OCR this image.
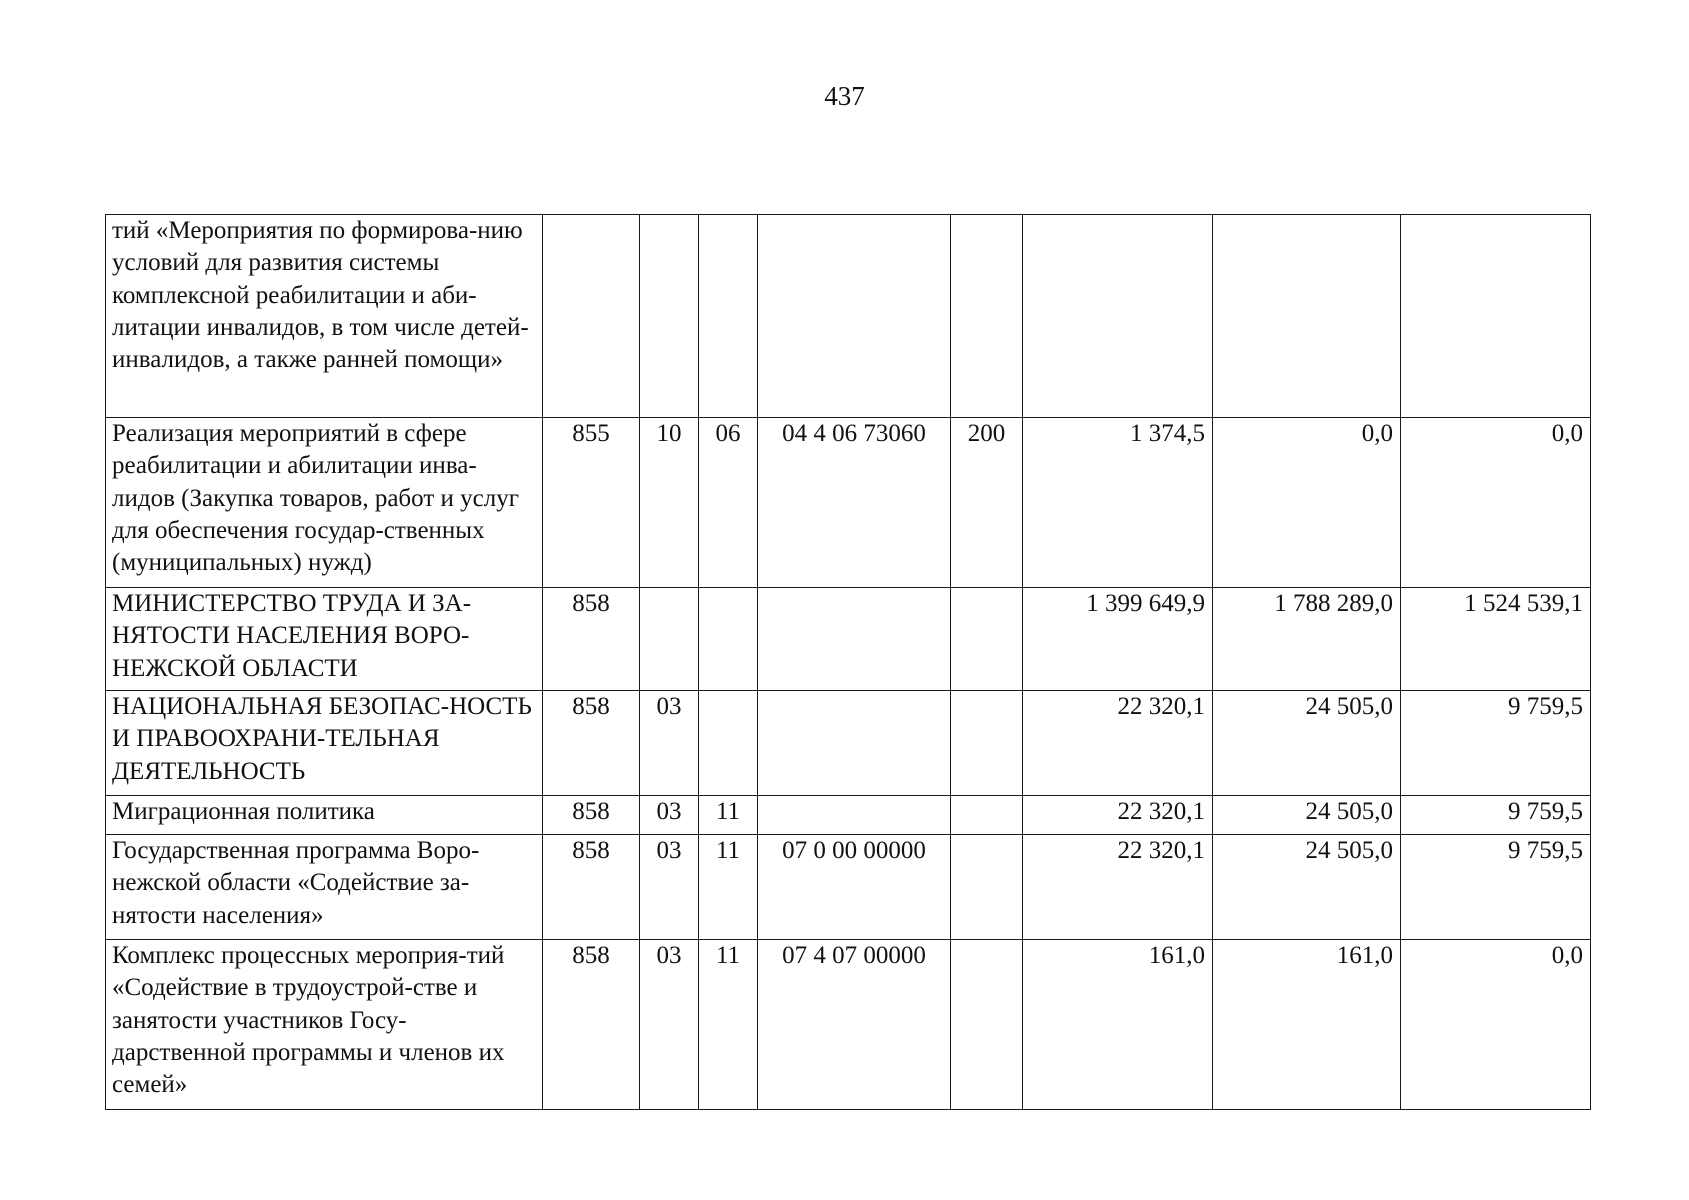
437
тий «Мероприятия по формирова-нию условий для развития системы комплексной реабилитации и аби-литации инвалидов, в том числе детей-инвалидов, а также ранней помощи»								
Реализация мероприятий в сфере реабилитации и абилитации инва-лидов (Закупка товаров, работ и услуг для обеспечения государ-ственных (муниципальных) нужд)	855	10	06	04 4 06 73060	200	1 374,5	0,0	0,0
МИНИСТЕРСТВО ТРУДА И ЗА-НЯТОСТИ НАСЕЛЕНИЯ ВОРО-НЕЖСКОЙ ОБЛАСТИ	858					1 399 649,9	1 788 289,0	1 524 539,1
НАЦИОНАЛЬНАЯ БЕЗОПАС-НОСТЬ И ПРАВООХРАНИ-ТЕЛЬНАЯ ДЕЯТЕЛЬНОСТЬ	858	03				22 320,1	24 505,0	9 759,5
Миграционная политика	858	03	11			22 320,1	24 505,0	9 759,5
Государственная программа Воро-нежской области «Содействие за-нятости населения»	858	03	11	07 0 00 00000		22 320,1	24 505,0	9 759,5
Комплекс процессных мероприя-тий «Содействие в трудоустрой-стве и занятости участников Госу-дарственной программы и членов их семей»	858	03	11	07 4 07 00000		161,0	161,0	0,0
